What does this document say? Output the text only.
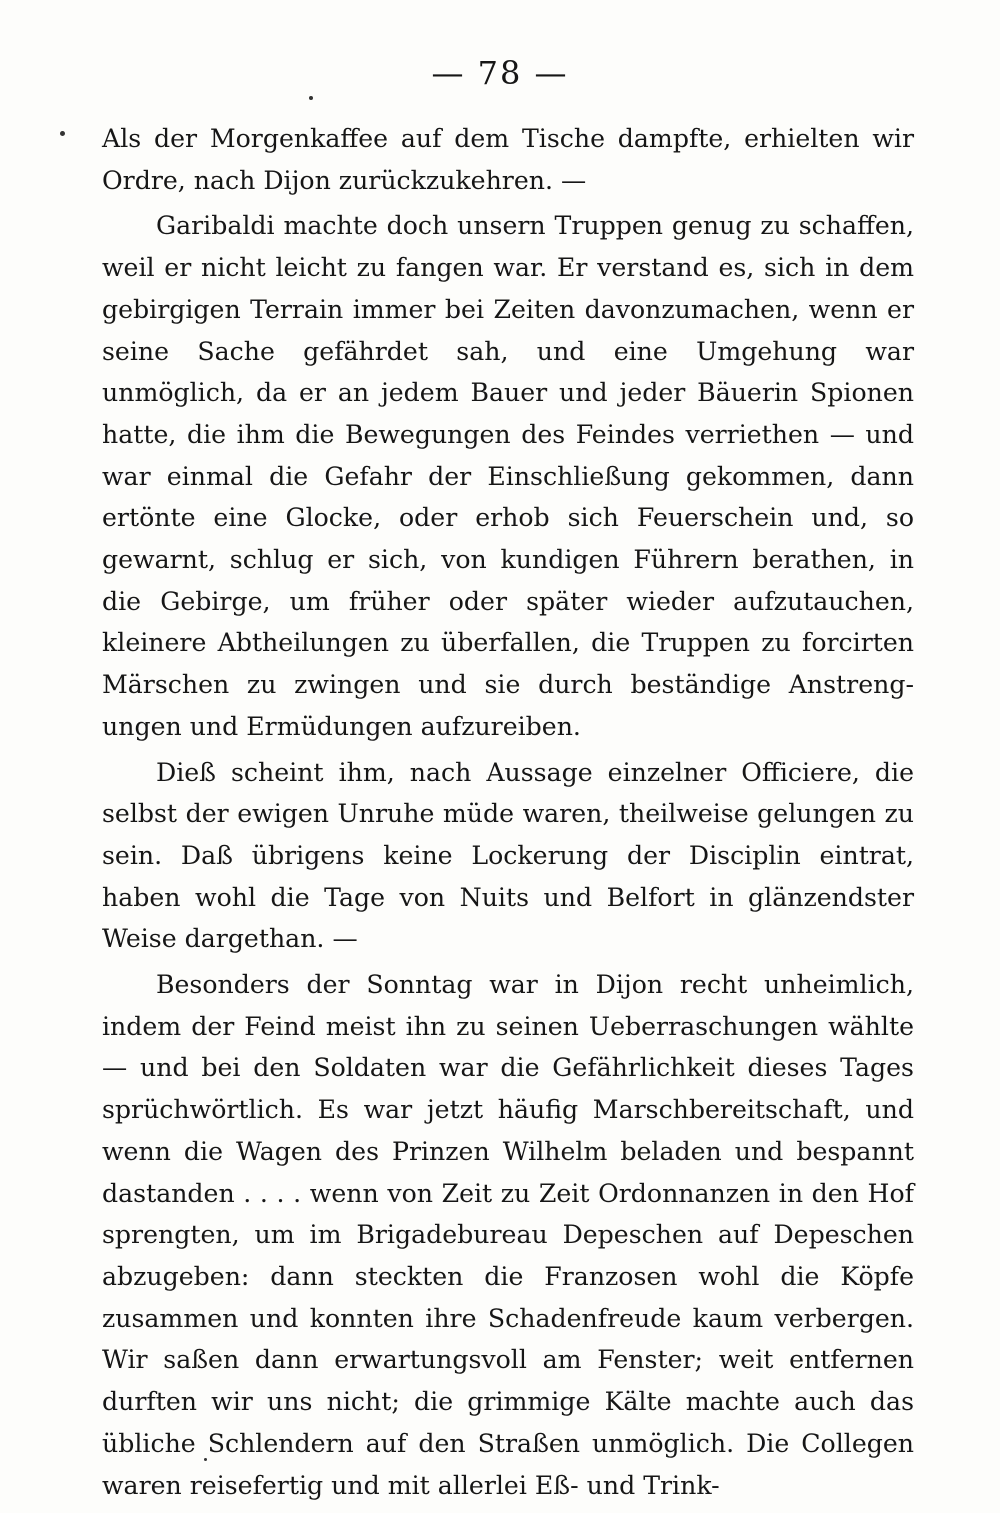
— 78 —

Als der Morgenkaffee auf dem Tische dampfte, erhielten wir Ordre, nach Dijon zurückzukehren. —

Garibaldi machte doch unsern Truppen genug zu schaffen, weil er nicht leicht zu fangen war. Er verstand es, sich in dem gebirgigen Terrain immer bei Zeiten davonzumachen, wenn er seine Sache gefährdet sah, und eine Umgehung war unmöglich, da er an jedem Bauer und jeder Bäuerin Spionen hatte, die ihm die Bewegungen des Feindes verriethen — und war einmal die Gefahr der Einschließung gekommen, dann ertönte eine Glocke, oder erhob sich Feuerschein und, so gewarnt, schlug er sich, von kundigen Führern berathen, in die Gebirge, um früher oder später wieder aufzutauchen, kleinere Abtheilungen zu überfallen, die Truppen zu forcirten Märschen zu zwingen und sie durch beständige Anstrengungen und Ermüdungen aufzureiben.

Dieß scheint ihm, nach Aussage einzelner Officiere, die selbst der ewigen Unruhe müde waren, theilweise gelungen zu sein. Daß übrigens keine Lockerung der Disciplin eintrat, haben wohl die Tage von Nuits und Belfort in glänzendster Weise dargethan. —

Besonders der Sonntag war in Dijon recht unheimlich, indem der Feind meist ihn zu seinen Ueberraschungen wählte — und bei den Soldaten war die Gefährlichkeit dieses Tages sprüchwörtlich. Es war jetzt häufig Marschbereitschaft, und wenn die Wagen des Prinzen Wilhelm beladen und bespannt dastanden . . . . wenn von Zeit zu Zeit Ordonnanzen in den Hof sprengten, um im Brigadebureau Depeschen auf Depeschen abzugeben: dann steckten die Franzosen wohl die Köpfe zusammen und konnten ihre Schadenfreude kaum verbergen. Wir saßen dann erwartungsvoll am Fenster; weit entfernen durften wir uns nicht; die grimmige Kälte machte auch das übliche Schlendern auf den Straßen unmöglich. Die Collegen waren reisefertig und mit allerlei Eß- und Trink-
